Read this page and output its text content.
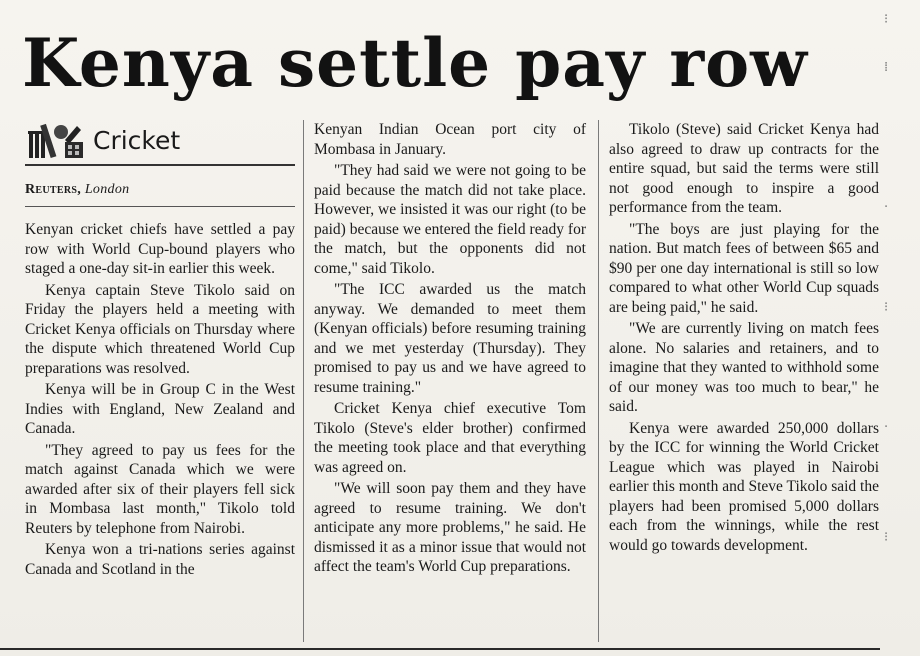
Kenya settle pay row
Cricket
Reuters, London

Kenyan cricket chiefs have settled a pay row with World Cup-bound players who staged a one-day sit-in earlier this week.

Kenya captain Steve Tikolo said on Friday the players held a meeting with Cricket Kenya officials on Thursday where the dispute which threatened World Cup preparations was resolved.

Kenya will be in Group C in the West Indies with England, New Zealand and Canada.

"They agreed to pay us fees for the match against Canada which we were awarded after six of their players fell sick in Mombasa last month," Tikolo told Reuters by telephone from Nairobi.

Kenya won a tri-nations series against Canada and Scotland in the

Kenyan Indian Ocean port city of Mombasa in January.

"They had said we were not going to be paid because the match did not take place. However, we insisted it was our right (to be paid) because we entered the field ready for the match, but the opponents did not come," said Tikolo.

"The ICC awarded us the match anyway. We demanded to meet them (Kenyan officials) before resuming training and we met yesterday (Thursday). They promised to pay us and we have agreed to resume training."

Cricket Kenya chief executive Tom Tikolo (Steve's elder brother) confirmed the meeting took place and that everything was agreed on.

"We will soon pay them and they have agreed to resume training. We don't anticipate any more problems," he said. He dismissed it as a minor issue that would not affect the team's World Cup preparations.

Tikolo (Steve) said Cricket Kenya had also agreed to draw up contracts for the entire squad, but said the terms were still not good enough to inspire a good performance from the team.

"The boys are just playing for the nation. But match fees of between $65 and $90 per one day international is still so low compared to what other World Cup squads are being paid," he said.

"We are currently living on match fees alone. No salaries and retainers, and to imagine that they wanted to withhold some of our money was too much to bear," he said.

Kenya were awarded 250,000 dollars by the ICC for winning the World Cricket League which was played in Nairobi earlier this month and Steve Tikolo said the players had been promised 5,000 dollars each from the winnings, while the rest would go towards development.

⁝
⁞
·
⁝
·
⁝
